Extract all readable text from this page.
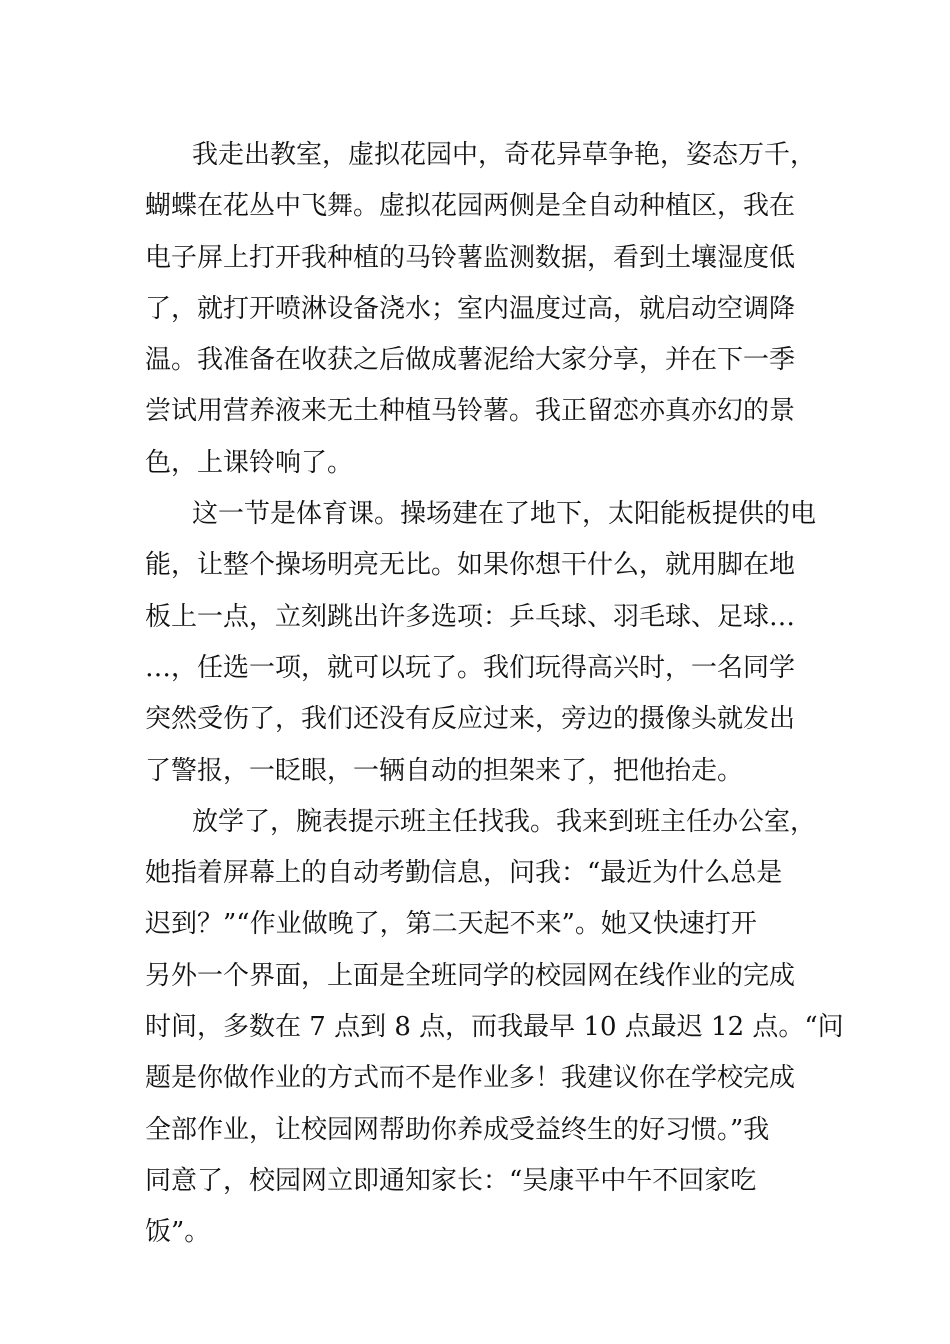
我走出教室，虚拟花园中，奇花异草争艳，姿态万千，
蝴蝶在花丛中飞舞。虚拟花园两侧是全自动种植区，我在
电子屏上打开我种植的马铃薯监测数据，看到土壤湿度低
了，就打开喷淋设备浇水；室内温度过高，就启动空调降
温。我准备在收获之后做成薯泥给大家分享，并在下一季
尝试用营养液来无土种植马铃薯。我正留恋亦真亦幻的景
色，上课铃响了。
这一节是体育课。操场建在了地下，太阳能板提供的电
能，让整个操场明亮无比。如果你想干什么，就用脚在地
板上一点，立刻跳出许多选项：乒乓球、羽毛球、足球…
…，任选一项，就可以玩了。我们玩得高兴时，一名同学
突然受伤了，我们还没有反应过来，旁边的摄像头就发出
了警报，一眨眼，一辆自动的担架来了，把他抬走。
放学了，腕表提示班主任找我。我来到班主任办公室，
她指着屏幕上的自动考勤信息，问我：“最近为什么总是
迟到？”“作业做晚了，第二天起不来”。她又快速打开
另外一个界面，上面是全班同学的校园网在线作业的完成
时间，多数在 7 点到 8 点，而我最早 10 点最迟 12 点。“问
题是你做作业的方式而不是作业多！我建议你在学校完成
全部作业，让校园网帮助你养成受益终生的好习惯。”我
同意了，校园网立即通知家长：“吴康平中午不回家吃
饭”。
